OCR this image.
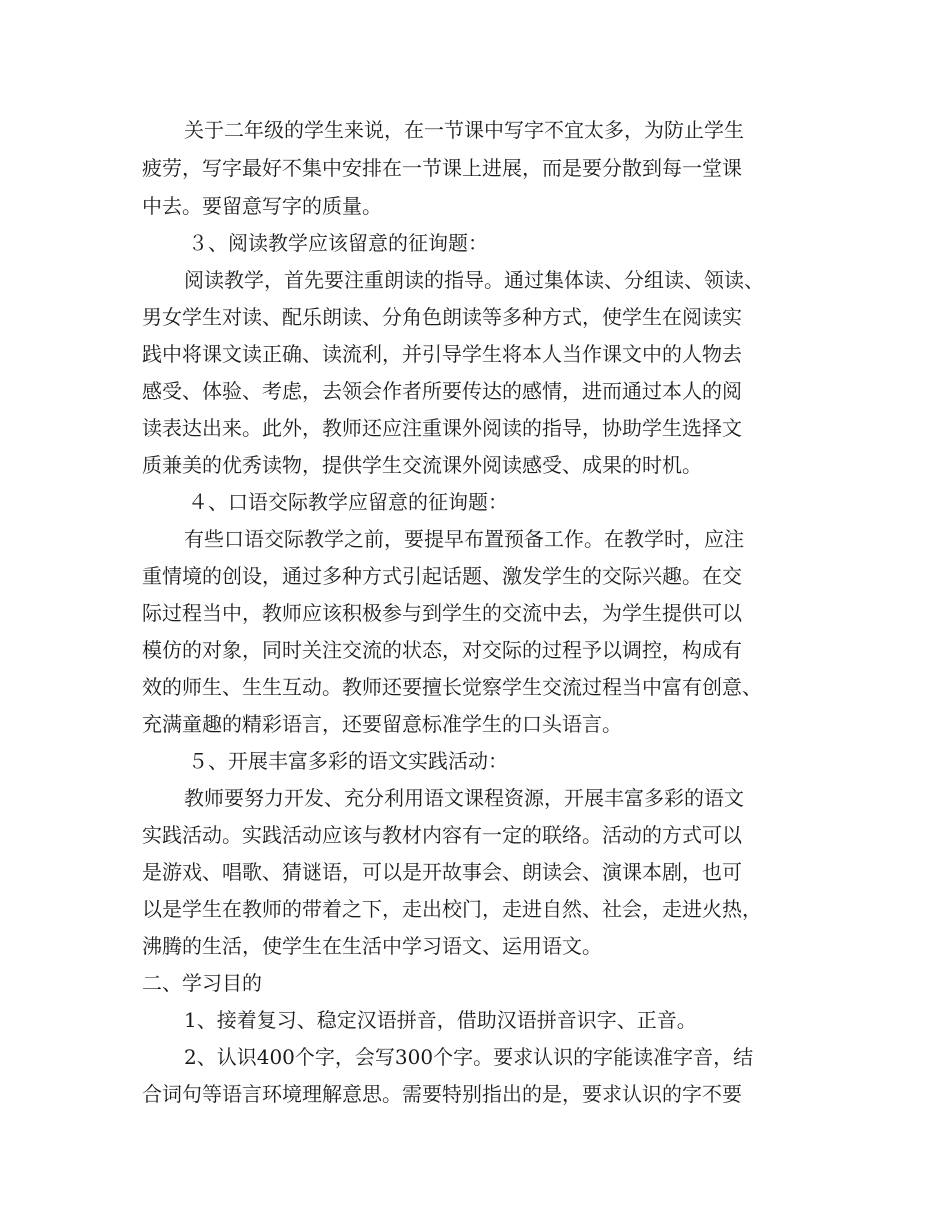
关于二年级的学生来说，在一节课中写字不宜太多，为防止学生
疲劳，写字最好不集中安排在一节课上进展，而是要分散到每一堂课
中去。要留意写字的质量。
３、阅读教学应该留意的征询题：
阅读教学，首先要注重朗读的指导。通过集体读、分组读、领读、
男女学生对读、配乐朗读、分角色朗读等多种方式，使学生在阅读实
践中将课文读正确、读流利，并引导学生将本人当作课文中的人物去
感受、体验、考虑，去领会作者所要传达的感情，进而通过本人的阅
读表达出来。此外，教师还应注重课外阅读的指导，协助学生选择文
质兼美的优秀读物，提供学生交流课外阅读感受、成果的时机。
４、口语交际教学应留意的征询题：
有些口语交际教学之前，要提早布置预备工作。在教学时，应注
重情境的创设，通过多种方式引起话题、激发学生的交际兴趣。在交
际过程当中，教师应该积极参与到学生的交流中去，为学生提供可以
模仿的对象，同时关注交流的状态，对交际的过程予以调控，构成有
效的师生、生生互动。教师还要擅长觉察学生交流过程当中富有创意、
充满童趣的精彩语言，还要留意标准学生的口头语言。
５、开展丰富多彩的语文实践活动：
教师要努力开发、充分利用语文课程资源，开展丰富多彩的语文
实践活动。实践活动应该与教材内容有一定的联络。活动的方式可以
是游戏、唱歌、猜谜语，可以是开故事会、朗读会、演课本剧，也可
以是学生在教师的带着之下，走出校门，走进自然、社会，走进火热，
沸腾的生活，使学生在生活中学习语文、运用语文。
二、学习目的
1、接着复习、稳定汉语拼音，借助汉语拼音识字、正音。
2、认识400个字，会写300个字。要求认识的字能读准字音，结
合词句等语言环境理解意思。需要特别指出的是，要求认识的字不要
